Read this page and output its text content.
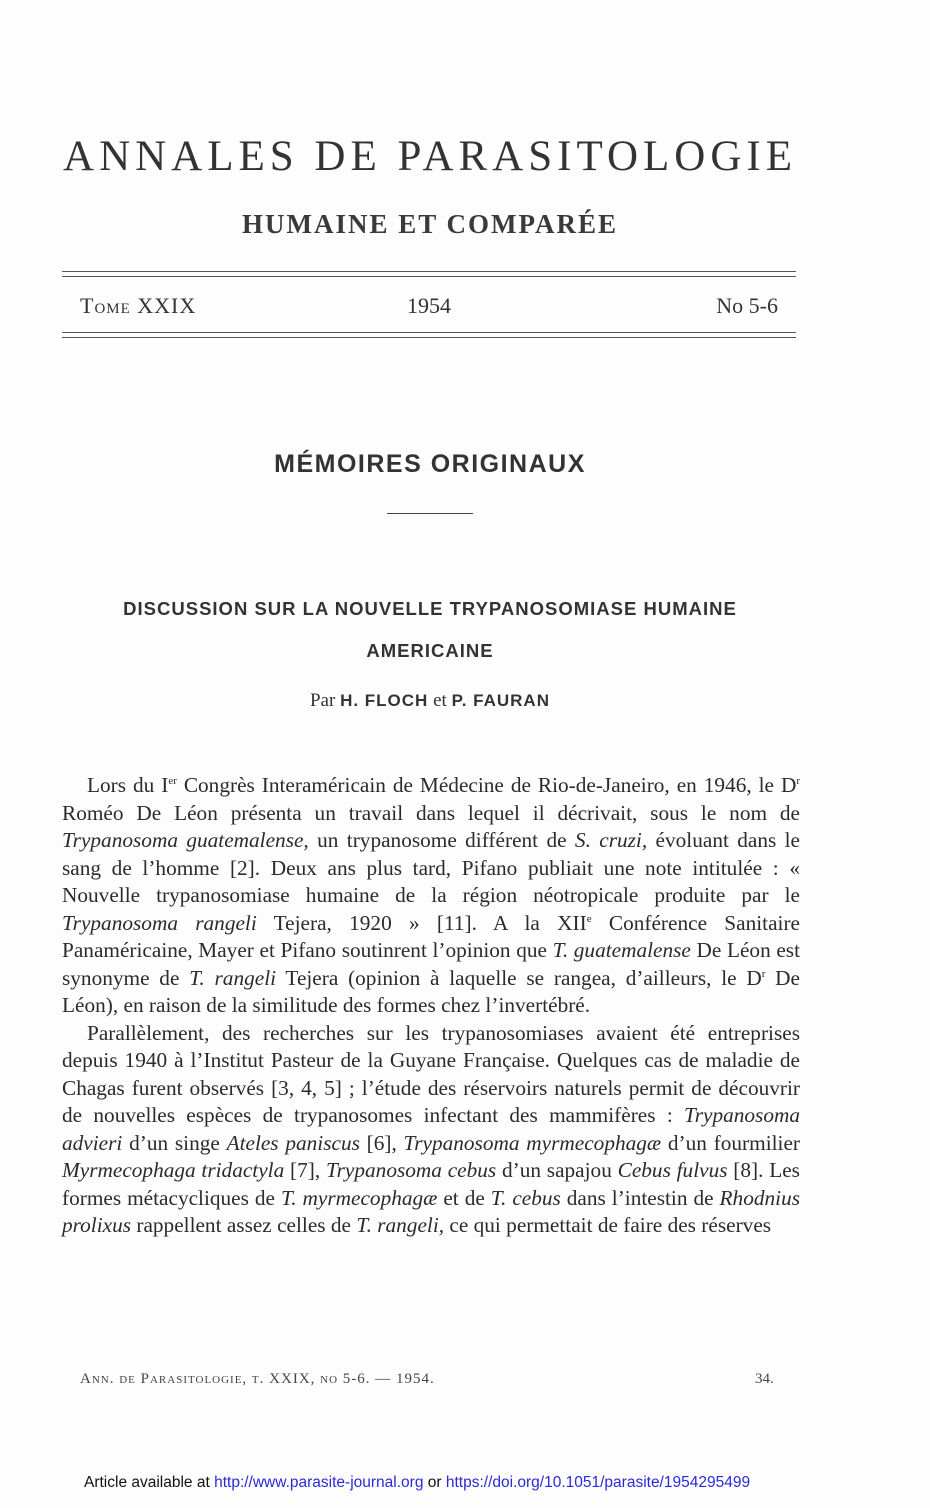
ANNALES DE PARASITOLOGIE
HUMAINE ET COMPARÉE
Tome XXIX	1954	No 5-6
MÉMOIRES ORIGINAUX
DISCUSSION SUR LA NOUVELLE TRYPANOSOMIASE HUMAINE
AMERICAINE
Par H. FLOCH et P. FAURAN

Lors du Ier Congrès Interaméricain de Médecine de Rio-de-Janeiro, en 1946, le $D^r$ Roméo De Léon présenta un travail dans lequel il décrivait, sous le nom de Trypanosoma guatemalense, un trypanosome différent de S. cruzi, évoluant dans le sang de l’homme [2]. Deux ans plus tard, Pifano publiait une note intitulée : « Nouvelle trypanosomiase humaine de la région néotropicale produite par le Trypanosoma rangeli Tejera, 1920 » [11]. A la XIIe Conférence Sanitaire Panaméricaine, Mayer et Pifano soutinrent l’opinion que T. guatemalense De Léon est synonyme de T. rangeli Tejera (opinion à laquelle se rangea, d’ailleurs, le $D^r$ De Léon), en raison de la similitude des formes chez l’invertébré.

Parallèlement, des recherches sur les trypanosomiases avaient été entreprises depuis 1940 à l’Institut Pasteur de la Guyane Française. Quelques cas de maladie de Chagas furent observés [3, 4, 5] ; l’étude des réservoirs naturels permit de découvrir de nouvelles espèces de trypanosomes infectant des mammifères : Trypanosoma advieri d’un singe Ateles paniscus [6], Trypanosoma myrmecophagæ d’un fourmilier Myrmecophaga tridactyla [7], Trypanosoma cebus d’un sapajou Cebus fulvus [8]. Les formes métacycliques de T. myrmecophagæ et de T. cebus dans l’intestin de Rhodnius prolixus rappellent assez celles de T. rangeli, ce qui permettait de faire des réserves

Ann. de Parasitologie, t. XXIX, no 5-6. — 1954.	34.
Article available at http://www.parasite-journal.org or https://doi.org/10.1051/parasite/1954295499
